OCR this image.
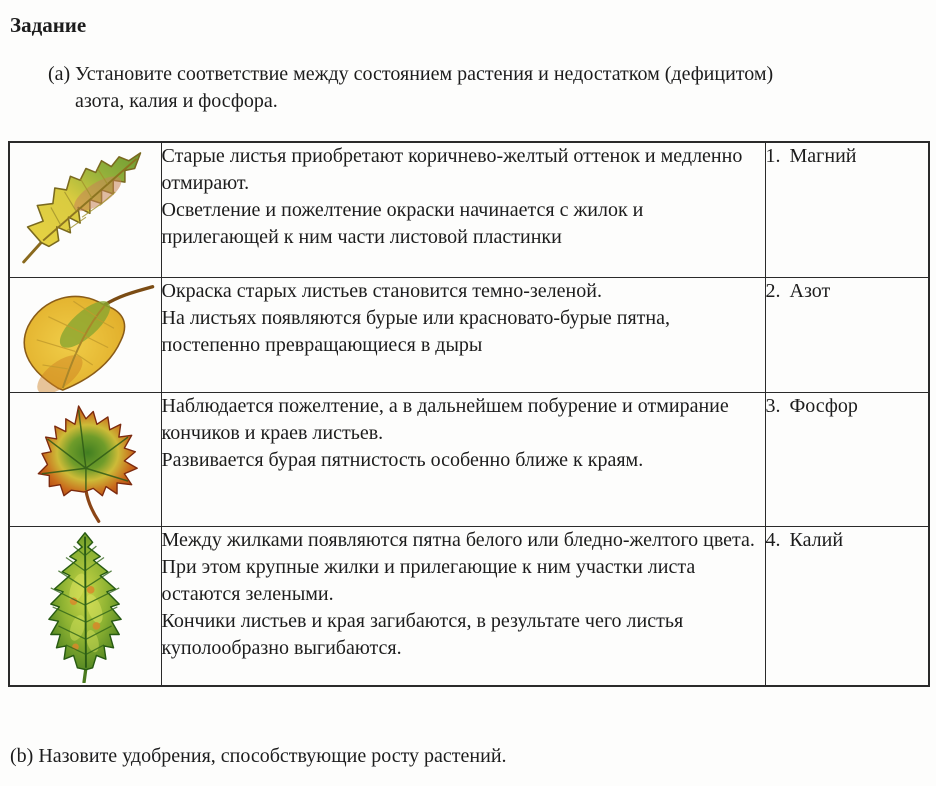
Задание
(a) Установите соответствие между состоянием растения и недостатком (дефицитом)
азота, калия и фосфора.

Старые листья приобретают коричнево-желтый оттенок и медленно отмирают.
Осветление и пожелтение окраски начинается с жилок и прилегающей к ним части листовой пластинки	1. Магний

Окраска старых листьев становится темно-зеленой.
На листьях появляются бурые или красновато-бурые пятна, постепенно превращающиеся в дыры	2. Азот

Наблюдается пожелтение, а в дальнейшем побурение и отмирание кончиков и краев листьев.
Развивается бурая пятнистость особенно ближе к краям.	3. Фосфор

Между жилками появляются пятна белого или бледно-желтого цвета. При этом крупные жилки и прилегающие к ним участки листа остаются зелеными.
Кончики листьев и края загибаются, в результате чего листья куполообразно выгибаются.	4. Калий
(b) Назовите удобрения, способствующие росту растений.
